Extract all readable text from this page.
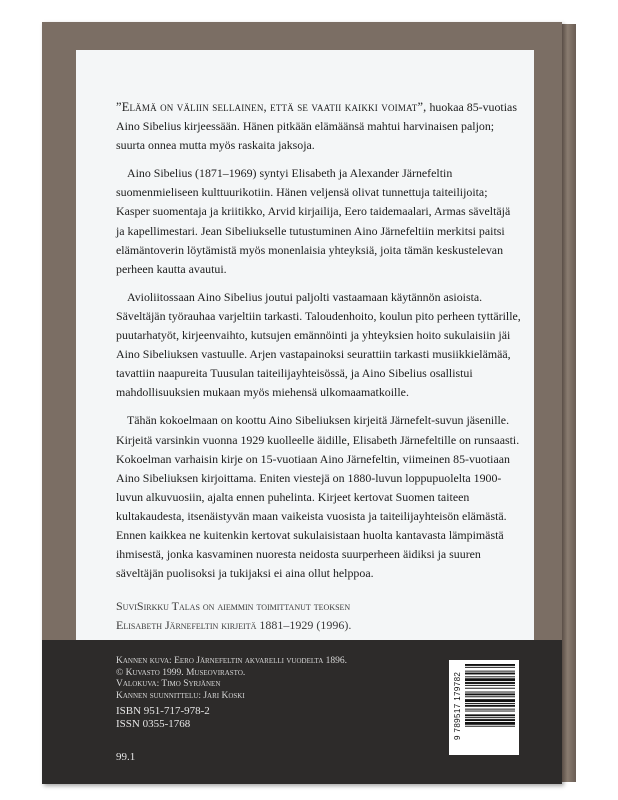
”Elämä on väliin sellainen, että se vaatii kaikki voimat”, huokaa 85-vuotias Aino Sibelius kirjeessään. Hänen pitkään elämäänsä mahtui harvinaisen paljon; suurta onnea mutta myös raskaita jaksoja.

Aino Sibelius (1871–1969) syntyi Elisabeth ja Alexander Järnefeltin suomenmieliseen kulttuurikotiin. Hänen veljensä olivat tunnettuja taiteilijoita; Kasper suomentaja ja kriitikko, Arvid kirjailija, Eero taidemaalari, Armas säveltäjä ja kapellimestari. Jean Sibeliukselle tutustuminen Aino Järnefeltiin merkitsi paitsi elämäntoverin löytämistä myös monenlaisia yhteyksiä, joita tämän keskustelevan perheen kautta avautui.

Avioliitossaan Aino Sibelius joutui paljolti vastaamaan käytännön asioista. Säveltäjän työrauhaa varjeltiin tarkasti. Taloudenhoito, koulun pito perheen tyttärille, puutarhatyöt, kirjeenvaihto, kutsujen emännöinti ja yhteyksien hoito sukulaisiin jäi Aino Sibeliuksen vastuulle. Arjen vastapainoksi seurattiin tarkasti musiikkielämää, tavattiin naapureita Tuusulan taiteilijayhteisössä, ja Aino Sibelius osallistui mahdollisuuksien mukaan myös miehensä ulkomaamatkoille.

Tähän kokoelmaan on koottu Aino Sibeliuksen kirjeitä Järnefelt-suvun jäsenille. Kirjeitä varsinkin vuonna 1929 kuolleelle äidille, Elisabeth Järnefeltille on runsaasti. Kokoelman varhaisin kirje on 15-vuotiaan Aino Järnefeltin, viimeinen 85-vuotiaan Aino Sibeliuksen kirjoittama. Eniten viestejä on 1880-luvun loppupuolelta 1900-luvun alkuvuosiin, ajalta ennen puhelinta. Kirjeet kertovat Suomen taiteen kultakaudesta, itsenäistyvän maan vaikeista vuosista ja taiteilijayhteisön elämästä. Ennen kaikkea ne kuitenkin kertovat sukulaisistaan huolta kantavasta lämpimästä ihmisestä, jonka kasvaminen nuoresta neidosta suurperheen äidiksi ja suuren säveltäjän puolisoksi ja tukijaksi ei aina ollut helppoa.

SuviSirkku Talas on aiemmin toimittanut teoksen
Elisabeth Järnefeltin kirjeitä 1881–1929 (1996).
Kannen kuva: Eero Järnefeltin akvarelli vuodelta 1896.
© Kuvasto 1999. Museovirasto.
Valokuva: Timo Syrjänen
Kannen suunnittelu: Jari Koski
ISBN 951-717-978-2
ISSN 0355-1768
99.1
9 789517 179782
